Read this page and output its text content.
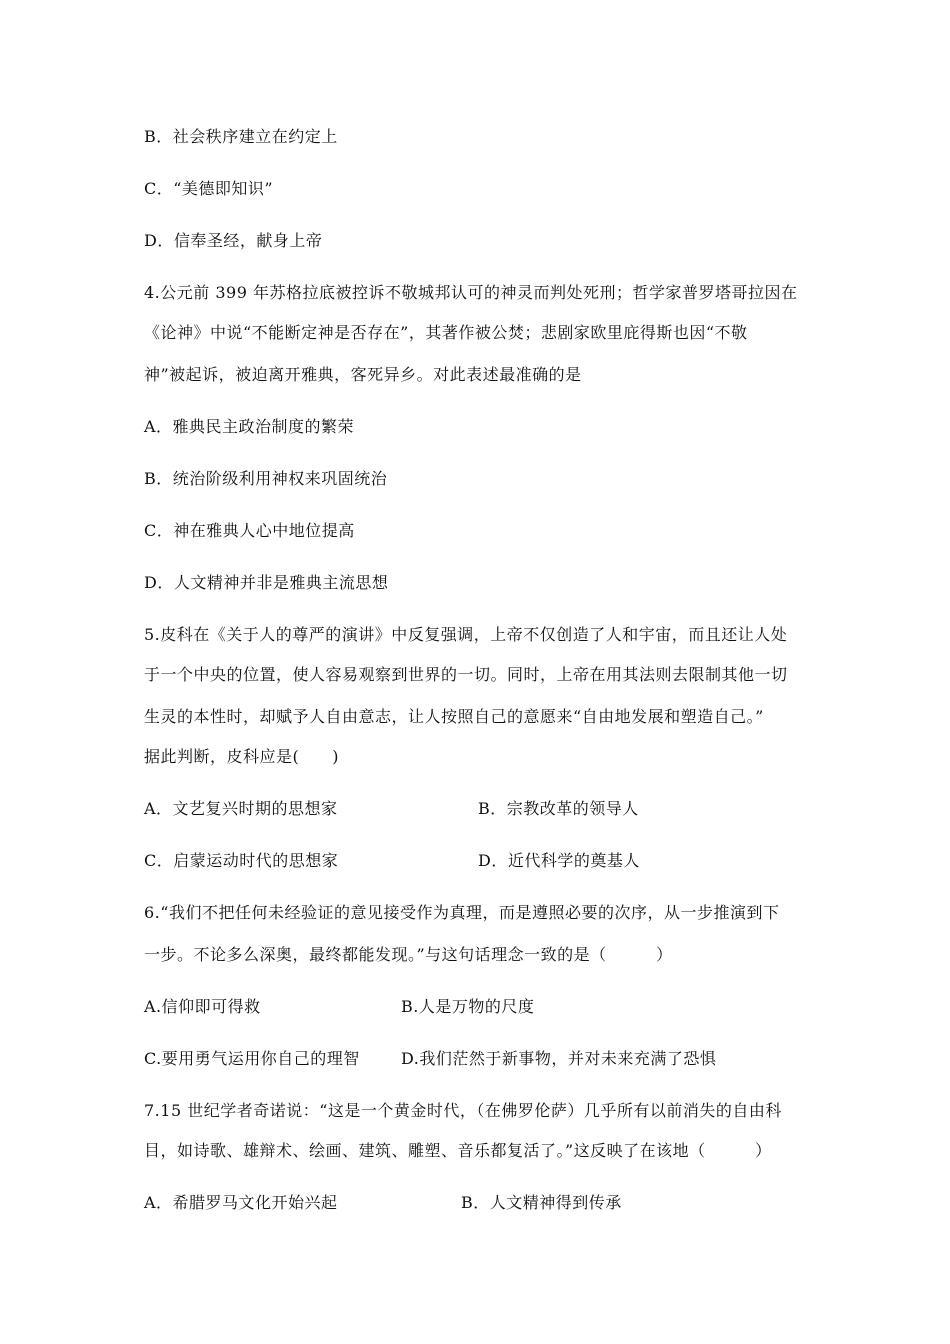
B．社会秩序建立在约定上
C．“美德即知识”
D．信奉圣经，献身上帝
4.公元前 399 年苏格拉底被控诉不敬城邦认可的神灵而判处死刑；哲学家普罗塔哥拉因在
《论神》中说“不能断定神是否存在”，其著作被公焚；悲剧家欧里庇得斯也因“不敬
神”被起诉，被迫离开雅典，客死异乡。对此表述最准确的是
A．雅典民主政治制度的繁荣
B．统治阶级利用神权来巩固统治
C．神在雅典人心中地位提高
D．人文精神并非是雅典主流思想
5.皮科在《关于人的尊严的演讲》中反复强调，上帝不仅创造了人和宇宙，而且还让人处
于一个中央的位置，使人容易观察到世界的一切。同时，上帝在用其法则去限制其他一切
生灵的本性时，却赋予人自由意志，让人按照自己的意愿来“自由地发展和塑造自己。”
据此判断，皮科应是(　　)
A．文艺复兴时期的思想家	B．宗教改革的领导人
C．启蒙运动时代的思想家	D．近代科学的奠基人
6.“我们不把任何未经验证的意见接受作为真理，而是遵照必要的次序，从一步推演到下
一步。不论多么深奥，最终都能发现。”与这句话理念一致的是（　　　）
A.信仰即可得救	B.人是万物的尺度
C.要用勇气运用你自己的理智	D.我们茫然于新事物，并对未来充满了恐惧
7.15 世纪学者奇诺说：“这是一个黄金时代，（在佛罗伦萨）几乎所有以前消失的自由科
目，如诗歌、雄辩术、绘画、建筑、雕塑、音乐都复活了。”这反映了在该地（　　　）
A．希腊罗马文化开始兴起	B．人文精神得到传承
